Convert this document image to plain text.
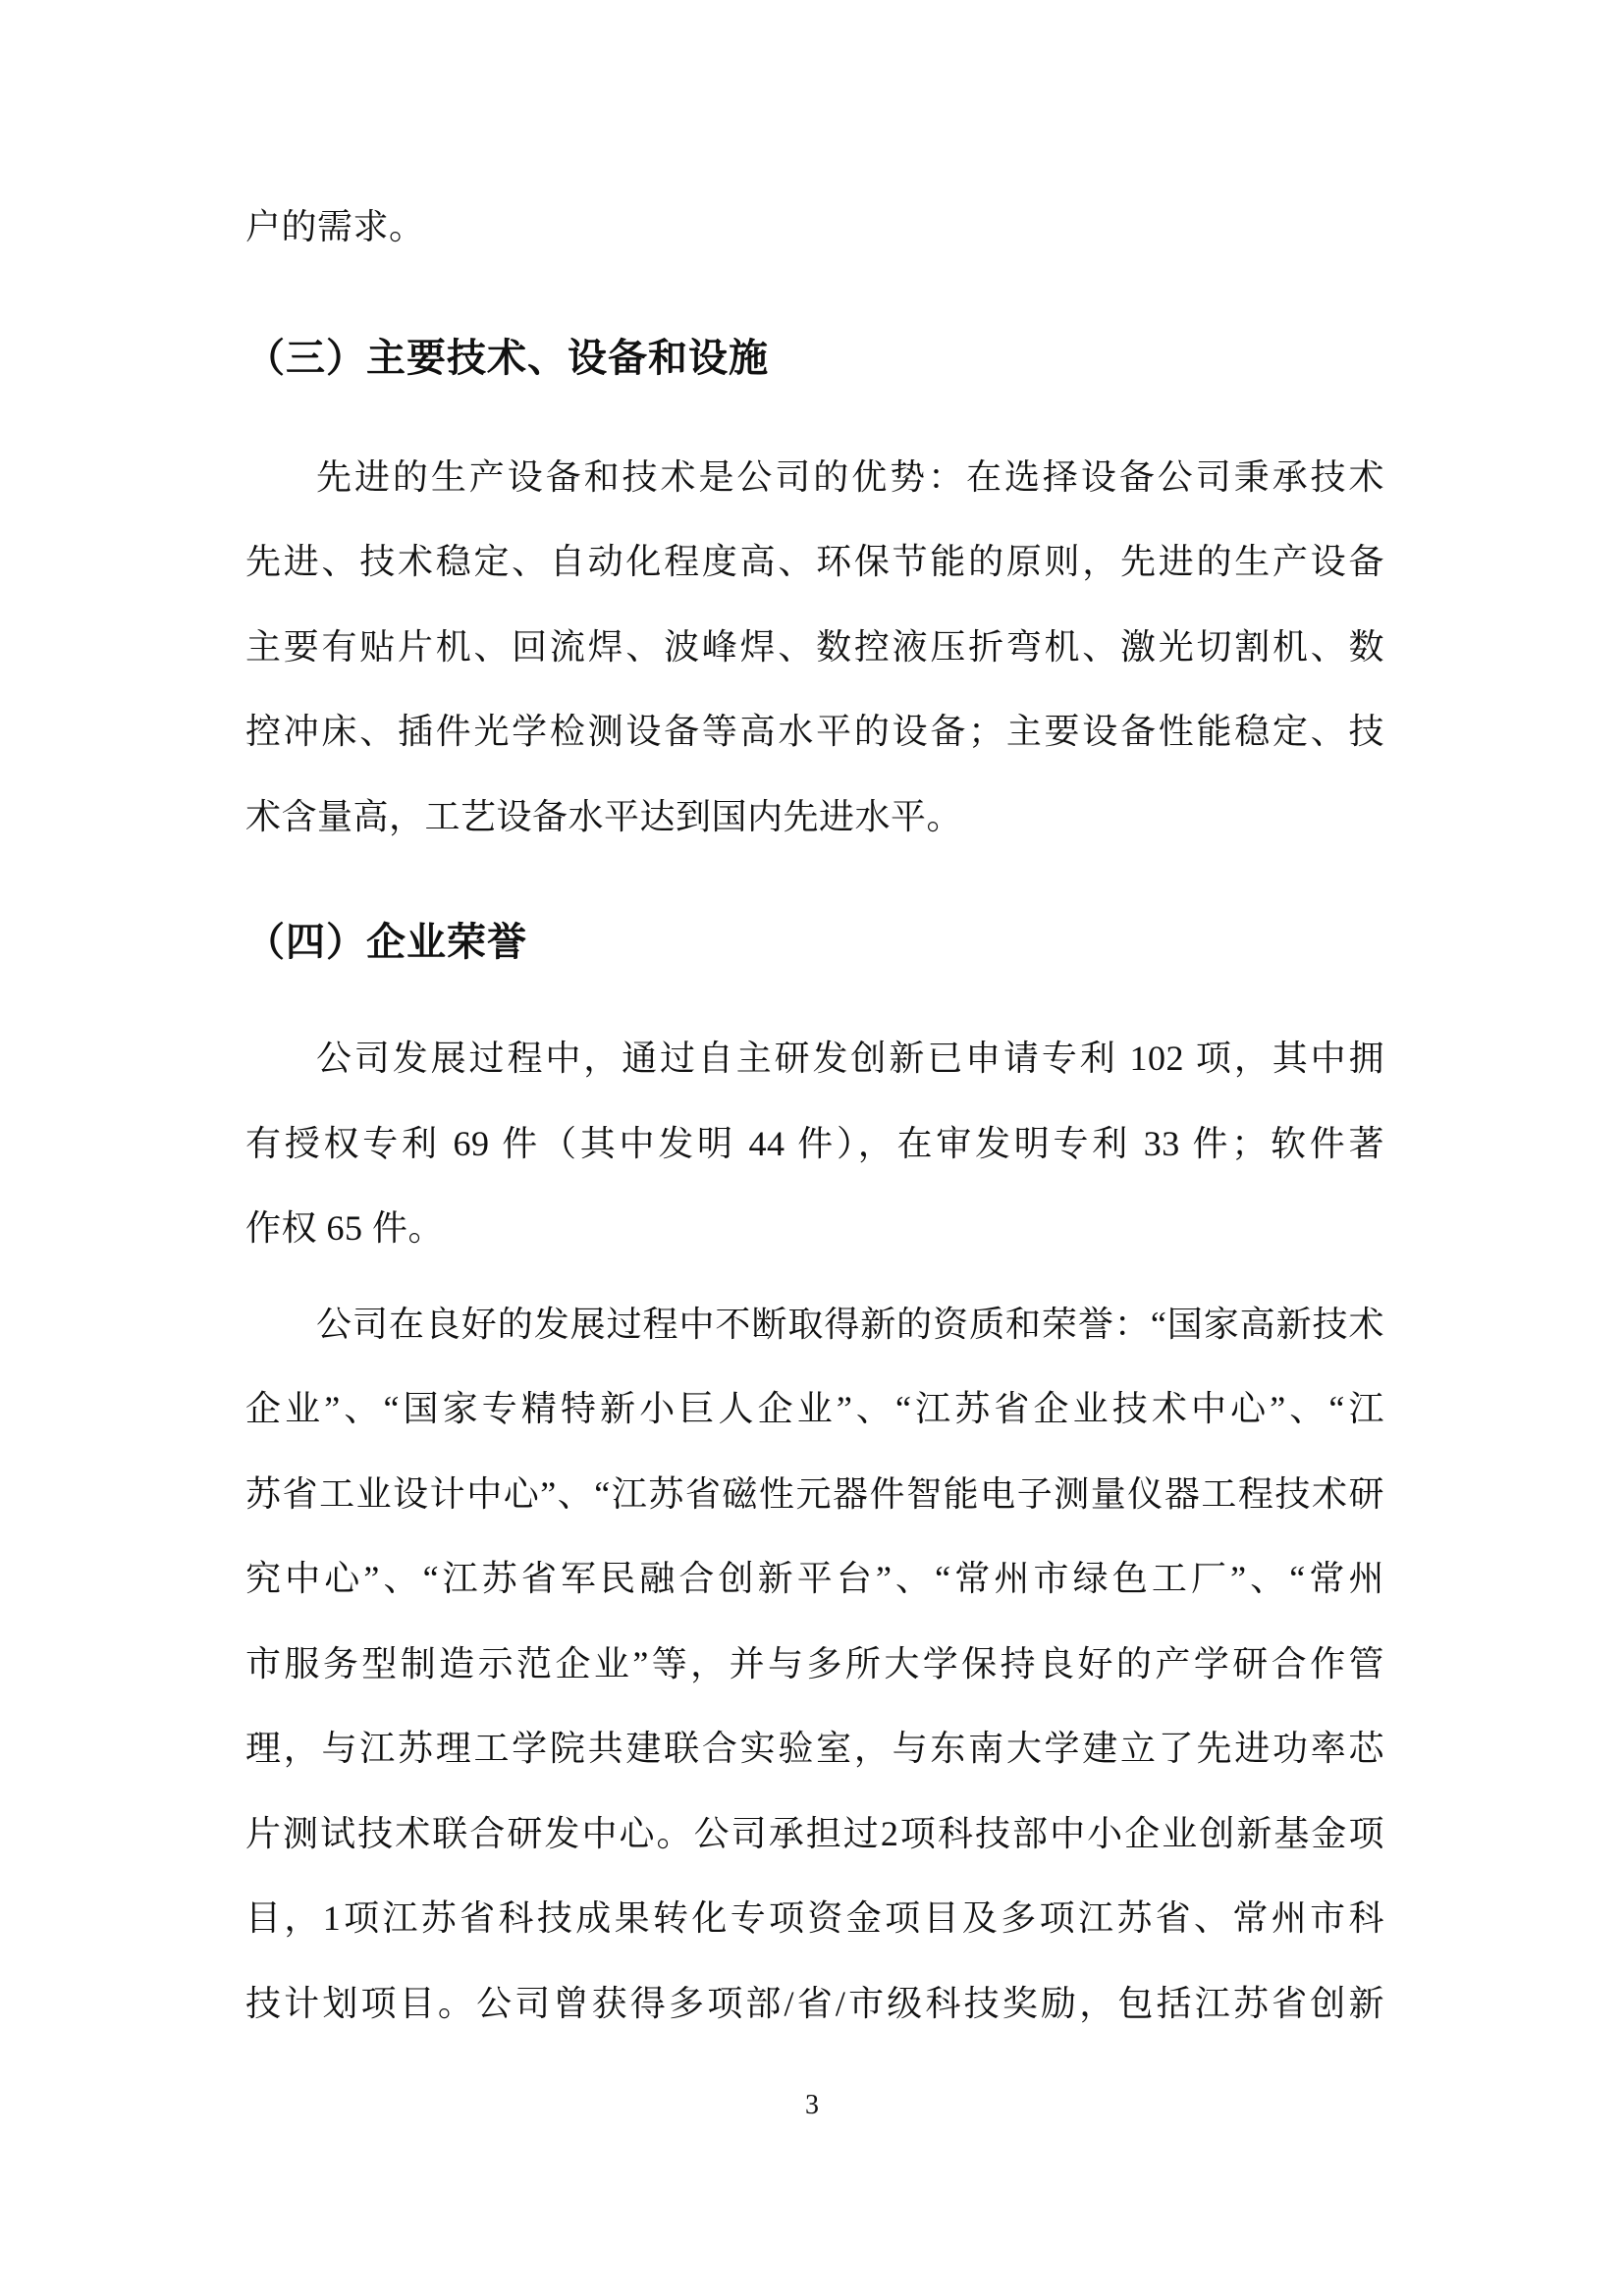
户的需求。
（三）主要技术、设备和设施
先进的生产设备和技术是公司的优势：在选择设备公司秉承技术
先进、技术稳定、自动化程度高、环保节能的原则，先进的生产设备
主要有贴片机、回流焊、波峰焊、数控液压折弯机、激光切割机、数
控冲床、插件光学检测设备等高水平的设备；主要设备性能稳定、技
术含量高，工艺设备水平达到国内先进水平。
（四）企业荣誉
公司发展过程中，通过自主研发创新已申请专利 102 项，其中拥
有授权专利 69 件（其中发明 44 件），在审发明专利 33 件；软件著
作权 65 件。
公司在良好的发展过程中不断取得新的资质和荣誉：“国家高新技术
企业”、“国家专精特新小巨人企业”、“江苏省企业技术中心”、“江
苏省工业设计中心”、“江苏省磁性元器件智能电子测量仪器工程技术研
究中心”、“江苏省军民融合创新平台”、“常州市绿色工厂”、“常州
市服务型制造示范企业”等，并与多所大学保持良好的产学研合作管
理，与江苏理工学院共建联合实验室，与东南大学建立了先进功率芯
片测试技术联合研发中心。公司承担过2项科技部中小企业创新基金项
目，1项江苏省科技成果转化专项资金项目及多项江苏省、常州市科
技计划项目。公司曾获得多项部/省/市级科技奖励，包括江苏省创新
3
